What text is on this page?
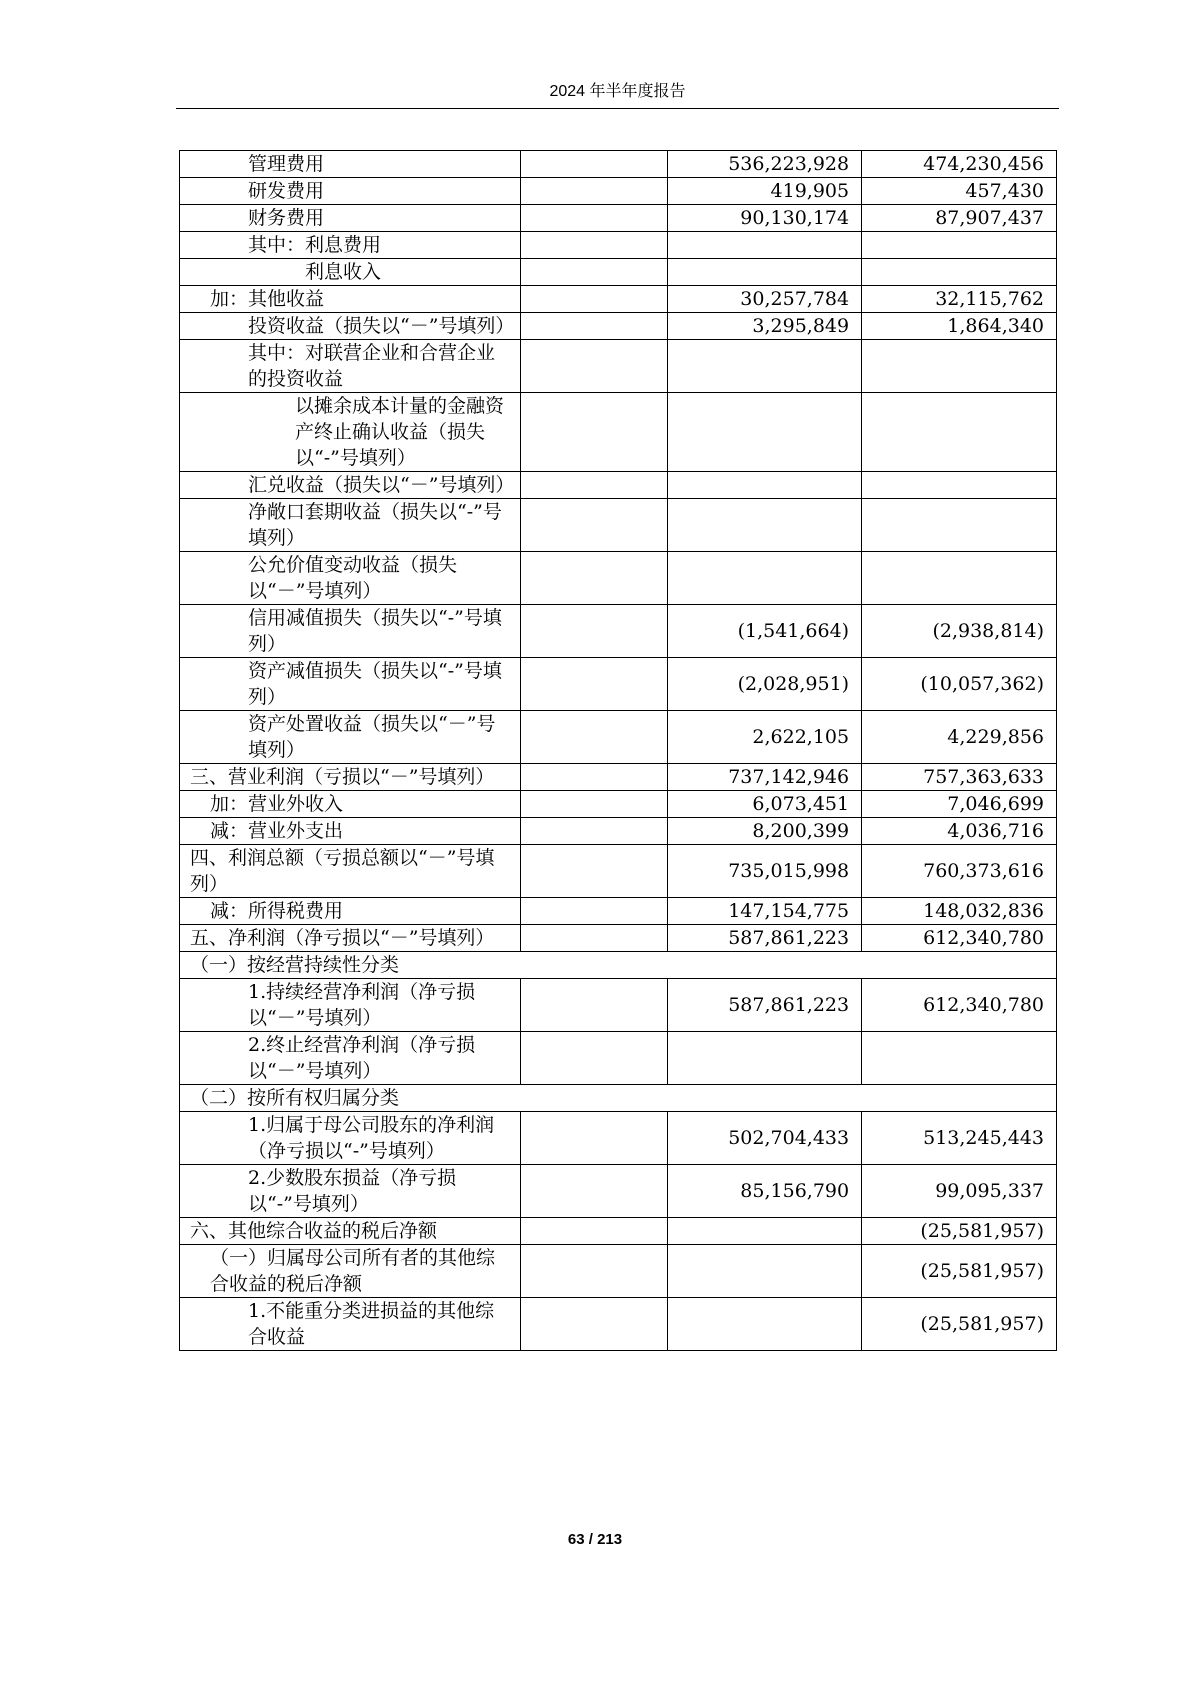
2024 年半年度报告
管理费用		536,223,928	474,230,456
研发费用		419,905	457,430
财务费用		90,130,174	87,907,437
其中：利息费用			
利息收入			
加：其他收益		30,257,784	32,115,762
投资收益（损失以“－”号填列）		3,295,849	1,864,340
其中：对联营企业和合营企业的投资收益			
以摊余成本计量的金融资产终止确认收益（损失以“-”号填列）			
汇兑收益（损失以“－”号填列）			
净敞口套期收益（损失以“-”号填列）			
公允价值变动收益（损失以“－”号填列）			
信用减值损失（损失以“-”号填列）		(1,541,664)	(2,938,814)
资产减值损失（损失以“-”号填列）		(2,028,951)	(10,057,362)
资产处置收益（损失以“－”号填列）		2,622,105	4,229,856
三、营业利润（亏损以“－”号填列）		737,142,946	757,363,633
加：营业外收入		6,073,451	7,046,699
减：营业外支出		8,200,399	4,036,716
四、利润总额（亏损总额以“－”号填列）		735,015,998	760,373,616
减：所得税费用		147,154,775	148,032,836
五、净利润（净亏损以“－”号填列）		587,861,223	612,340,780
（一）按经营持续性分类			
1.持续经营净利润（净亏损以“－”号填列）		587,861,223	612,340,780
2.终止经营净利润（净亏损以“－”号填列）			
（二）按所有权归属分类			
1.归属于母公司股东的净利润（净亏损以“-”号填列）		502,704,433	513,245,443
2.少数股东损益（净亏损以“-”号填列）		85,156,790	99,095,337
六、其他综合收益的税后净额			(25,581,957)
（一）归属母公司所有者的其他综合收益的税后净额			(25,581,957)
1.不能重分类进损益的其他综合收益			(25,581,957)
63 / 213
